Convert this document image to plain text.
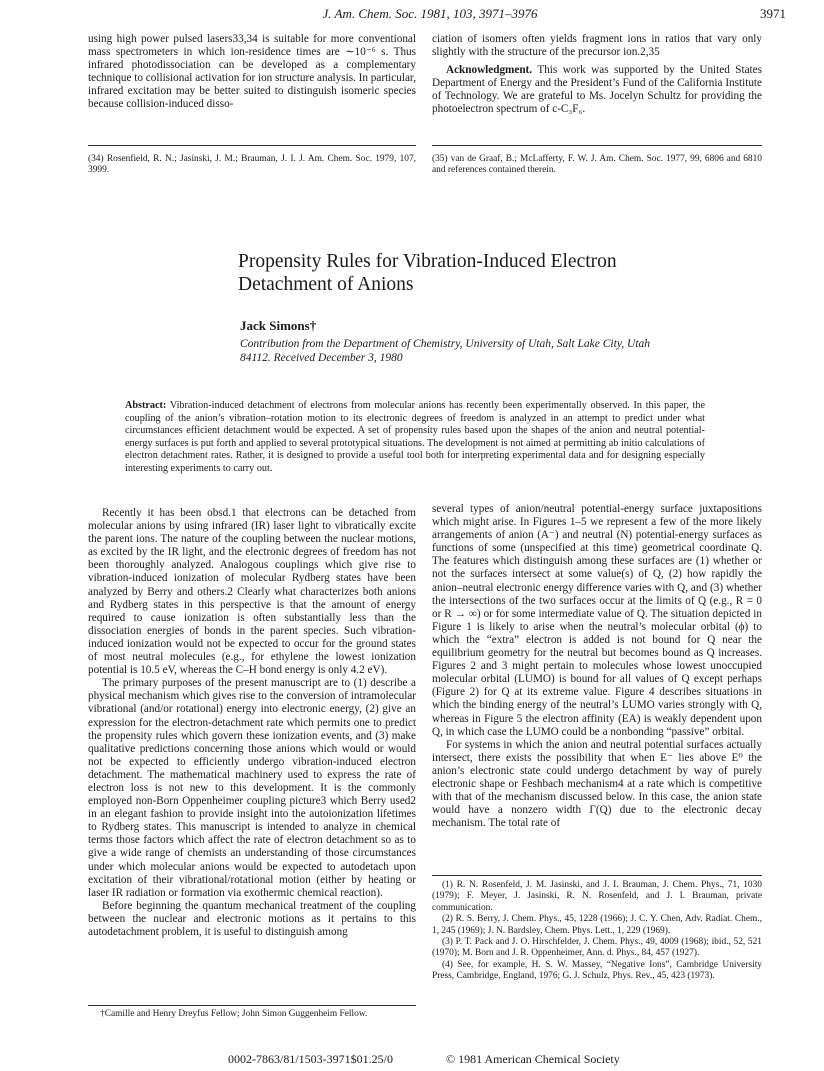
J. Am. Chem. Soc. 1981, 103, 3971–3976	3971

using high power pulsed lasers33,34 is suitable for more conventional mass spectrometers in which ion-residence times are ∼10⁻⁶ s. Thus infrared photodissociation can be developed as a complementary technique to collisional activation for ion structure analysis. In particular, infrared excitation may be better suited to distinguish isomeric species because collision-induced disso-

ciation of isomers often yields fragment ions in ratios that vary only slightly with the structure of the precursor ion.2,35

Acknowledgment. This work was supported by the United States Department of Energy and the President’s Fund of the California Institute of Technology. We are grateful to Ms. Jocelyn Schultz for providing the photoelectron spectrum of c-C₃F₆.

(34) Rosenfield, R. N.; Jasinski, J. M.; Brauman, J. I. J. Am. Chem. Soc. 1979, 107, 3999.
(35) van de Graaf, B.; McLafferty, F. W. J. Am. Chem. Soc. 1977, 99, 6806 and 6810 and references contained therein.
Propensity Rules for Vibration-Induced Electron Detachment of Anions
Jack Simons†
Contribution from the Department of Chemistry, University of Utah, Salt Lake City, Utah 84112. Received December 3, 1980
Abstract: Vibration-induced detachment of electrons from molecular anions has recently been experimentally observed. In this paper, the coupling of the anion’s vibration–rotation motion to its electronic degrees of freedom is analyzed in an attempt to predict under what circumstances efficient detachment would be expected. A set of propensity rules based upon the shapes of the anion and neutral potential-energy surfaces is put forth and applied to several prototypical situations. The development is not aimed at permitting ab initio calculations of electron detachment rates. Rather, it is designed to provide a useful tool both for interpreting experimental data and for designing especially interesting experiments to carry out.

Recently it has been obsd.1 that electrons can be detached from molecular anions by using infrared (IR) laser light to vibratically excite the parent ions. The nature of the coupling between the nuclear motions, as excited by the IR light, and the electronic degrees of freedom has not been thoroughly analyzed. Analogous couplings which give rise to vibration-induced ionization of molecular Rydberg states have been analyzed by Berry and others.2 Clearly what characterizes both anions and Rydberg states in this perspective is that the amount of energy required to cause ionization is often substantially less than the dissociation energies of bonds in the parent species. Such vibration-induced ionization would not be expected to occur for the ground states of most neutral molecules (e.g., for ethylene the lowest ionization potential is 10.5 eV, whereas the C–H bond energy is only 4.2 eV).

The primary purposes of the present manuscript are to (1) describe a physical mechanism which gives rise to the conversion of intramolecular vibrational (and/or rotational) energy into electronic energy, (2) give an expression for the electron-detachment rate which permits one to predict the propensity rules which govern these ionization events, and (3) make qualitative predictions concerning those anions which would or would not be expected to efficiently undergo vibration-induced electron detachment. The mathematical machinery used to express the rate of electron loss is not new to this development. It is the commonly employed non-Born Oppenheimer coupling picture3 which Berry used2 in an elegant fashion to provide insight into the autoionization lifetimes to Rydberg states. This manuscript is intended to analyze in chemical terms those factors which affect the rate of electron detachment so as to give a wide range of chemists an understanding of those circumstances under which molecular anions would be expected to autodetach upon excitation of their vibrational/rotational motion (either by heating or laser IR radiation or formation via exothermic chemical reaction).

Before beginning the quantum mechanical treatment of the coupling between the nuclear and electronic motions as it pertains to this autodetachment problem, it is useful to distinguish among

several types of anion/neutral potential-energy surface juxtapositions which might arise. In Figures 1–5 we represent a few of the more likely arrangements of anion (A⁻) and neutral (N) potential-energy surfaces as functions of some (unspecified at this time) geometrical coordinate Q. The features which distinguish among these surfaces are (1) whether or not the surfaces intersect at some value(s) of Q, (2) how rapidly the anion–neutral electronic energy difference varies with Q, and (3) whether the intersections of the two surfaces occur at the limits of Q (e.g., R = 0 or R → ∞) or for some intermediate value of Q. The situation depicted in Figure 1 is likely to arise when the neutral’s molecular orbital (ϕ) to which the “extra” electron is added is not bound for Q near the equilibrium geometry for the neutral but becomes bound as Q increases. Figures 2 and 3 might pertain to molecules whose lowest unoccupied molecular orbital (LUMO) is bound for all values of Q except perhaps (Figure 2) for Q at its extreme value. Figure 4 describes situations in which the binding energy of the neutral’s LUMO varies strongly with Q, whereas in Figure 5 the electron affinity (EA) is weakly dependent upon Q, in which case the LUMO could be a nonbonding “passive” orbital.

For systems in which the anion and neutral potential surfaces actually intersect, there exists the possibility that when E⁻ lies above E⁰ the anion’s electronic state could undergo detachment by way of purely electronic shape or Feshbach mechanism4 at a rate which is competitive with that of the mechanism discussed below. In this case, the anion state would have a nonzero width Γ(Q) due to the electronic decay mechanism. The total rate of

†Camille and Henry Dreyfus Fellow; John Simon Guggenheim Fellow.

(1) R. N. Rosenfeld, J. M. Jasinski, and J. I. Brauman, J. Chem. Phys., 71, 1030 (1979); F. Meyer, J. Jasinski, R. N. Rosenfeld, and J. I. Brauman, private communication.

(2) R. S. Berry, J. Chem. Phys., 45, 1228 (1966); J. C. Y. Chen, Adv. Radiat. Chem., 1, 245 (1969); J. N. Bardsley, Chem. Phys. Lett., 1, 229 (1969).

(3) P. T. Pack and J. O. Hirschfelder, J. Chem. Phys., 49, 4009 (1968); ibid., 52, 521 (1970); M. Born and J. R. Oppenheimer, Ann. d. Phys., 84, 457 (1927).

(4) See, for example, H. S. W. Massey, “Negative Ions”, Cambridge University Press, Cambridge, England, 1976; G. J. Schulz, Phys. Rev., 45, 423 (1973).

0002-7863/81/1503-3971$01.25/0	© 1981 American Chemical Society
